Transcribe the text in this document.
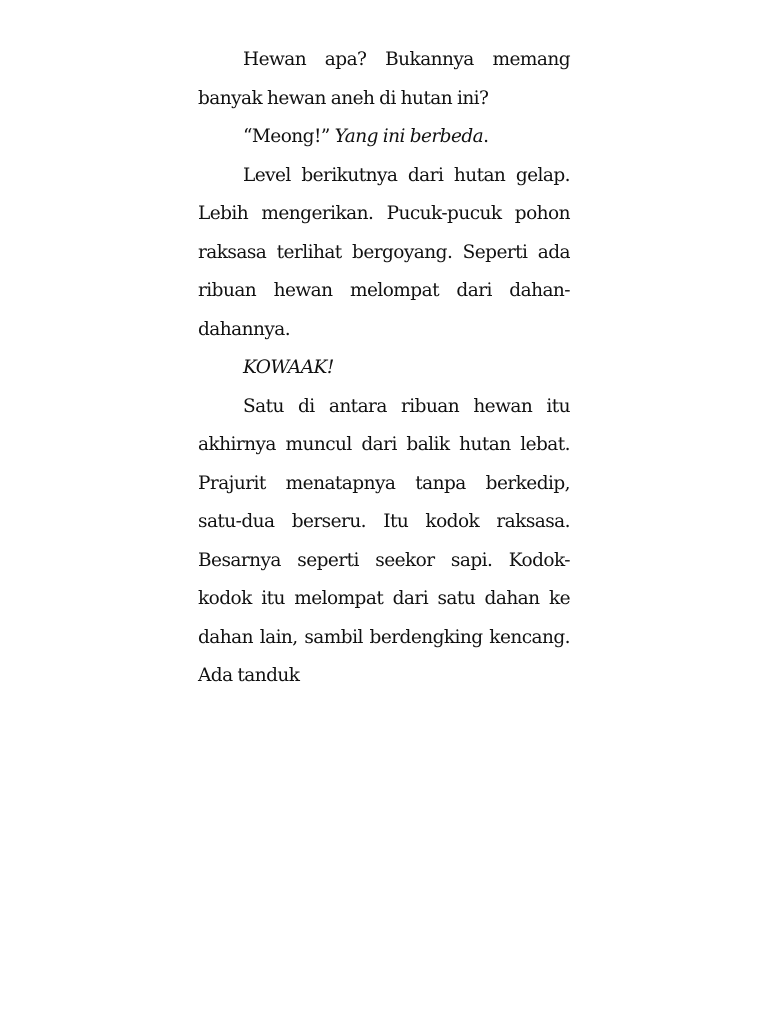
Hewan apa? Bukannya memang banyak hewan aneh di hutan ini?

“Meong!” Yang ini berbeda.

Level berikutnya dari hutan gelap. Lebih mengerikan. Pucuk-pucuk pohon raksasa terlihat bergoyang. Seperti ada ribuan hewan melompat dari dahan-dahannya.

KOWAAK!

Satu di antara ribuan hewan itu akhirnya muncul dari balik hutan lebat. Prajurit menatapnya tanpa berkedip, satu-dua berseru. Itu kodok raksasa. Besarnya seperti seekor sapi. Kodok-kodok itu melompat dari satu dahan ke dahan lain, sambil berdengking kencang. Ada tanduk
